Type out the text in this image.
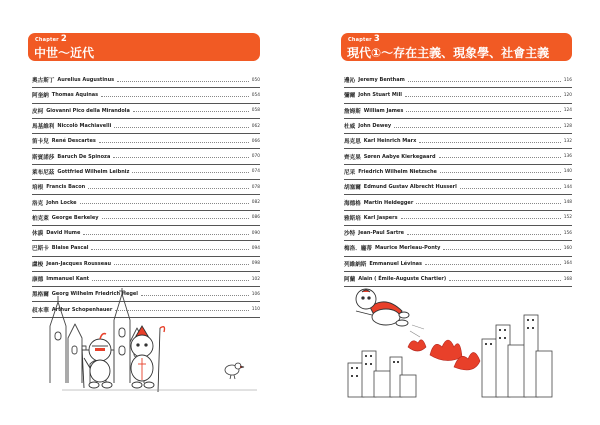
Chapter 2
中世～近代
奧古斯丁 Aurelius Augustinus	050
阿奎納 Thomas Aquinas	054
皮柯 Giovanni Pico della Mirandola	058
馬基維利 Niccolò Machiavelli	062
笛卡兒 René Descartes	066
斯賓諾莎 Baruch De Spinoza	070
萊布尼茲 Gottfried Wilhelm Leibniz	074
培根 Francis Bacon	078
洛克 John Locke	082
柏克萊 George Berkeley	086
休謨 David Hume	090
巴斯卡 Blaise Pascal	094
盧梭 Jean-Jacques Rousseau	098
康德 Immanuel Kant	102
黑格爾 Georg Wilhelm Friedrich Hegel	106
叔本華 Arthur Schopenhauer	110
Chapter 3
現代①～存在主義、現象學、社會主義
邊沁 Jeremy Bentham	116
彌爾 John Stuart Mill	120
詹姆斯 William James	124
杜威 John Dewey	128
馬克思 Karl Heinrich Marx	132
齊克果 Søren Aabye Kierkegaard	136
尼采 Friedrich Wilhelm Nietzsche	140
胡塞爾 Edmund Gustav Albrecht Husserl	144
海德格 Martin Heidegger	148
雅斯培 Karl Jaspers	152
沙特 Jean-Paul Sartre	156
梅洛．龐蒂 Maurice Merleau-Ponty	160
列維納斯 Emmanuel Lévinas	164
阿蘭 Alain ( Émile-Auguste Chartier)	168
